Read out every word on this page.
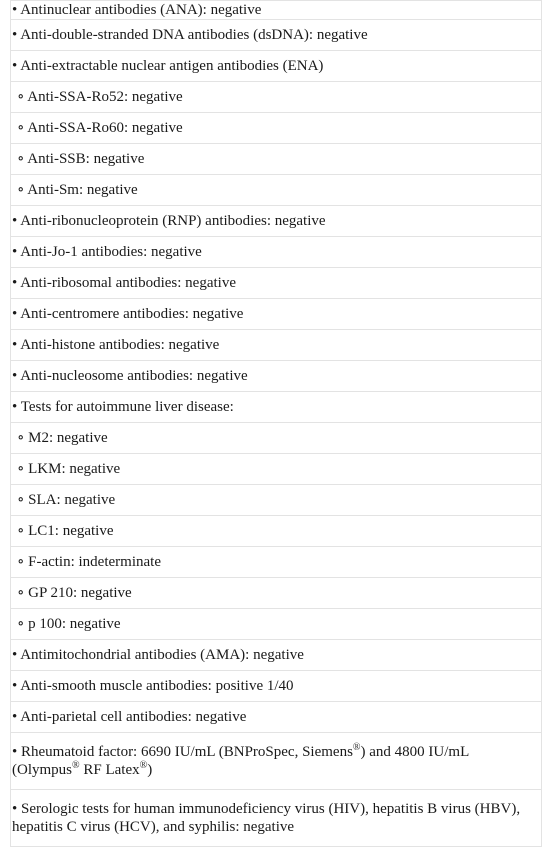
• Antinuclear antibodies (ANA): negative
• Anti-double-stranded DNA antibodies (dsDNA): negative
• Anti-extractable nuclear antigen antibodies (ENA)
∘ Anti-SSA-Ro52: negative
∘ Anti-SSA-Ro60: negative
∘ Anti-SSB: negative
∘ Anti-Sm: negative
• Anti-ribonucleoprotein (RNP) antibodies: negative
• Anti-Jo-1 antibodies: negative
• Anti-ribosomal antibodies: negative
• Anti-centromere antibodies: negative
• Anti-histone antibodies: negative
• Anti-nucleosome antibodies: negative
• Tests for autoimmune liver disease:
∘ M2: negative
∘ LKM: negative
∘ SLA: negative
∘ LC1: negative
∘ F-actin: indeterminate
∘ GP 210: negative
∘ p 100: negative
• Antimitochondrial antibodies (AMA): negative
• Anti-smooth muscle antibodies: positive 1/40
• Anti-parietal cell antibodies: negative
• Rheumatoid factor: 6690 IU/mL (BNProSpec, Siemens®) and 4800 IU/mL (Olympus® RF Latex®)
• Serologic tests for human immunodeficiency virus (HIV), hepatitis B virus (HBV), hepatitis C virus (HCV), and syphilis: negative
